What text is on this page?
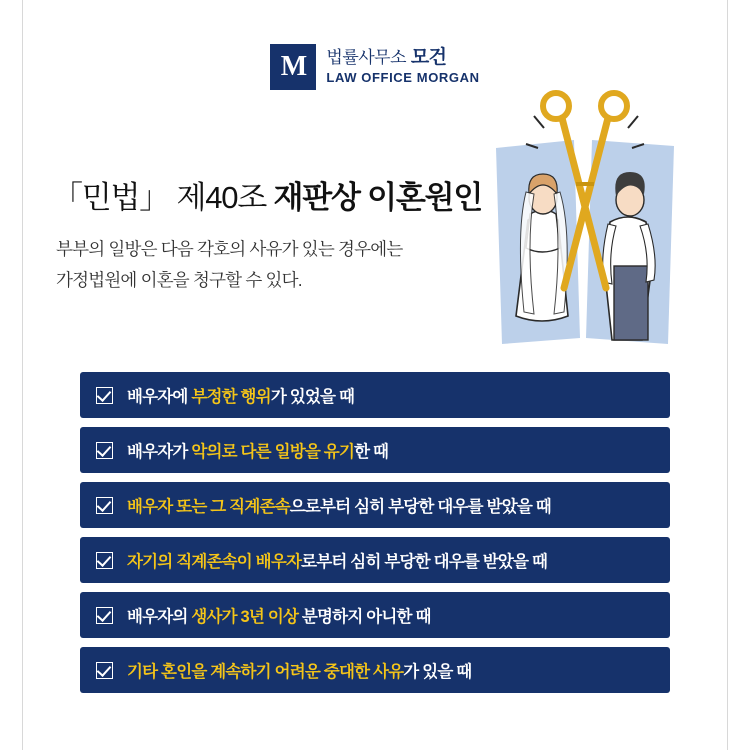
M 법률사무소 모건
LAW OFFICE MORGAN
「민법」 제40조 재판상 이혼원인
부부의 일방은 다음 각호의 사유가 있는 경우에는
가정법원에 이혼을 청구할 수 있다.
배우자에 부정한 행위가 있었을 때
배우자가 악의로 다른 일방을 유기한 때
배우자 또는 그 직계존속으로부터 심히 부당한 대우를 받았을 때
자기의 직계존속이 배우자로부터 심히 부당한 대우를 받았을 때
배우자의 생사가 3년 이상 분명하지 아니한 때
기타 혼인을 계속하기 어려운 중대한 사유가 있을 때
